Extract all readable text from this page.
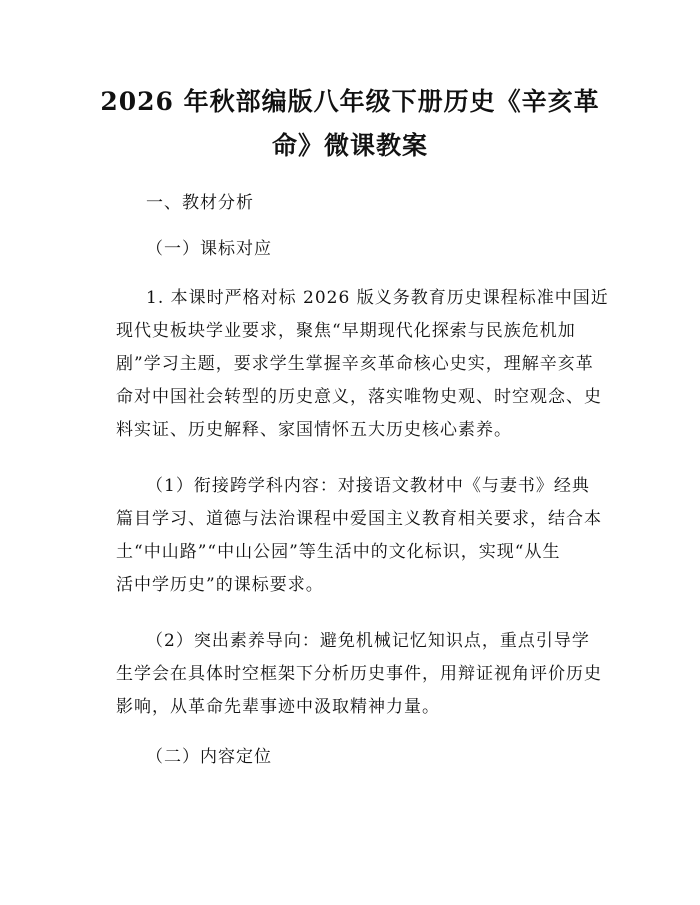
2026 年秋部编版八年级下册历史《辛亥革
命》微课教案
一、教材分析
（一）课标对应
1. 本课时严格对标 2026 版义务教育历史课程标准中国近
现代史板块学业要求，聚焦“早期现代化探索与民族危机加
剧”学习主题，要求学生掌握辛亥革命核心史实，理解辛亥革
命对中国社会转型的历史意义，落实唯物史观、时空观念、史
料实证、历史解释、家国情怀五大历史核心素养。
（1）衔接跨学科内容：对接语文教材中《与妻书》经典
篇目学习、道德与法治课程中爱国主义教育相关要求，结合本
土“中山路”“中山公园”等生活中的文化标识，实现“从生
活中学历史”的课标要求。
（2）突出素养导向：避免机械记忆知识点，重点引导学
生学会在具体时空框架下分析历史事件，用辩证视角评价历史
影响，从革命先辈事迹中汲取精神力量。
（二）内容定位
